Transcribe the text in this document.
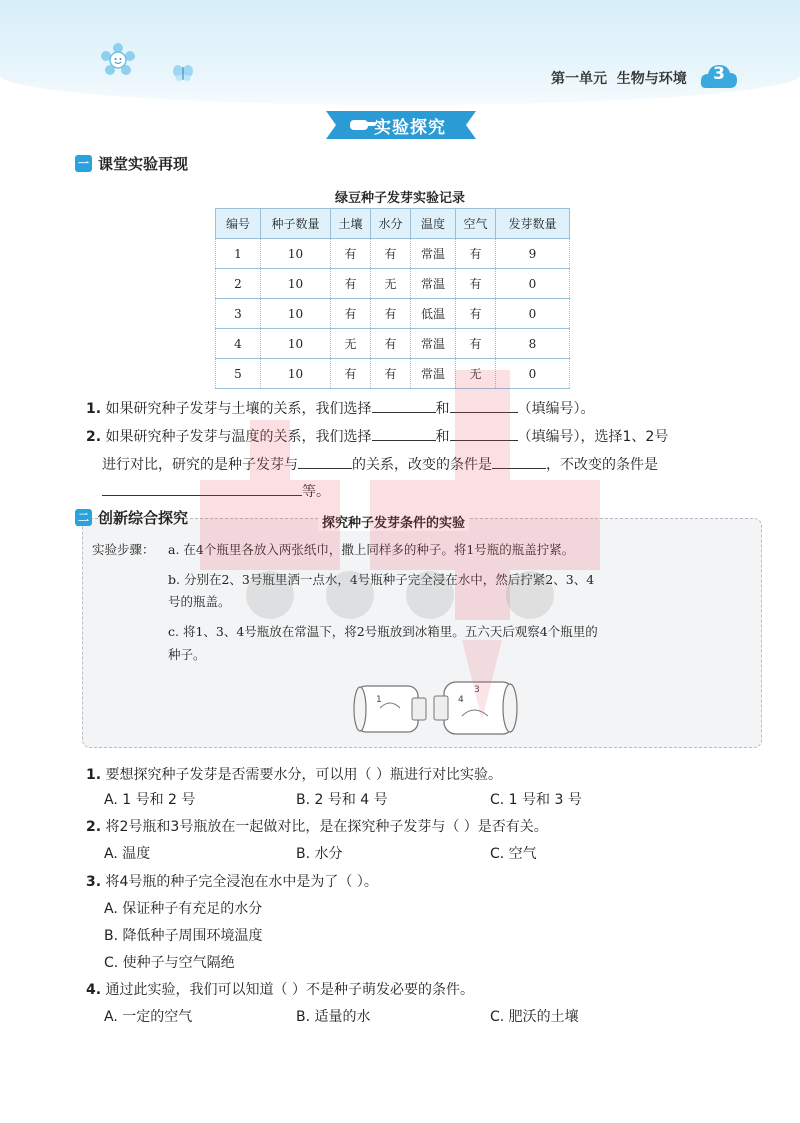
第一单元 生物与环境	3
实验探究
一 课堂实验再现
绿豆种子发芽实验记录
编号	种子数量	土壤	水分	温度	空气	发芽数量
1	10	有	有	常温	有	9
2	10	有	无	常温	有	0
3	10	有	有	低温	有	0
4	10	无	有	常温	有	8
5	10	有	有	常温	无	0
1. 如果研究种子发芽与土壤的关系，我们选择	和	（填编号）。
2. 如果研究种子发芽与温度的关系，我们选择	和	（填编号），选择1、2号
进行对比，研究的是种子发芽与	的关系，改变的条件是	，不改变的条件是
等。
二 创新综合探究	探究种子发芽条件的实验
实验步骤： a. 在4个瓶里各放入两张纸巾，撒上同样多的种子。将1号瓶的瓶盖拧紧。
b. 分别在2、3号瓶里洒一点水，4号瓶种子完全浸在水中，然后拧紧2、3、4
号的瓶盖。
c. 将1、3、4号瓶放在常温下，将2号瓶放到冰箱里。五六天后观察4个瓶里的
种子。
1
3
4
1. 要想探究种子发芽是否需要水分，可以用（ ）瓶进行对比实验。
A. 1 号和 2 号	B. 2 号和 4 号	C. 1 号和 3 号
2. 将2号瓶和3号瓶放在一起做对比，是在探究种子发芽与（ ）是否有关。
A. 温度	B. 水分	C. 空气
3. 将4号瓶的种子完全浸泡在水中是为了（ ）。
A. 保证种子有充足的水分
B. 降低种子周围环境温度
C. 使种子与空气隔绝
4. 通过此实验，我们可以知道（ ）不是种子萌发必要的条件。
A. 一定的空气	B. 适量的水	C. 肥沃的土壤
